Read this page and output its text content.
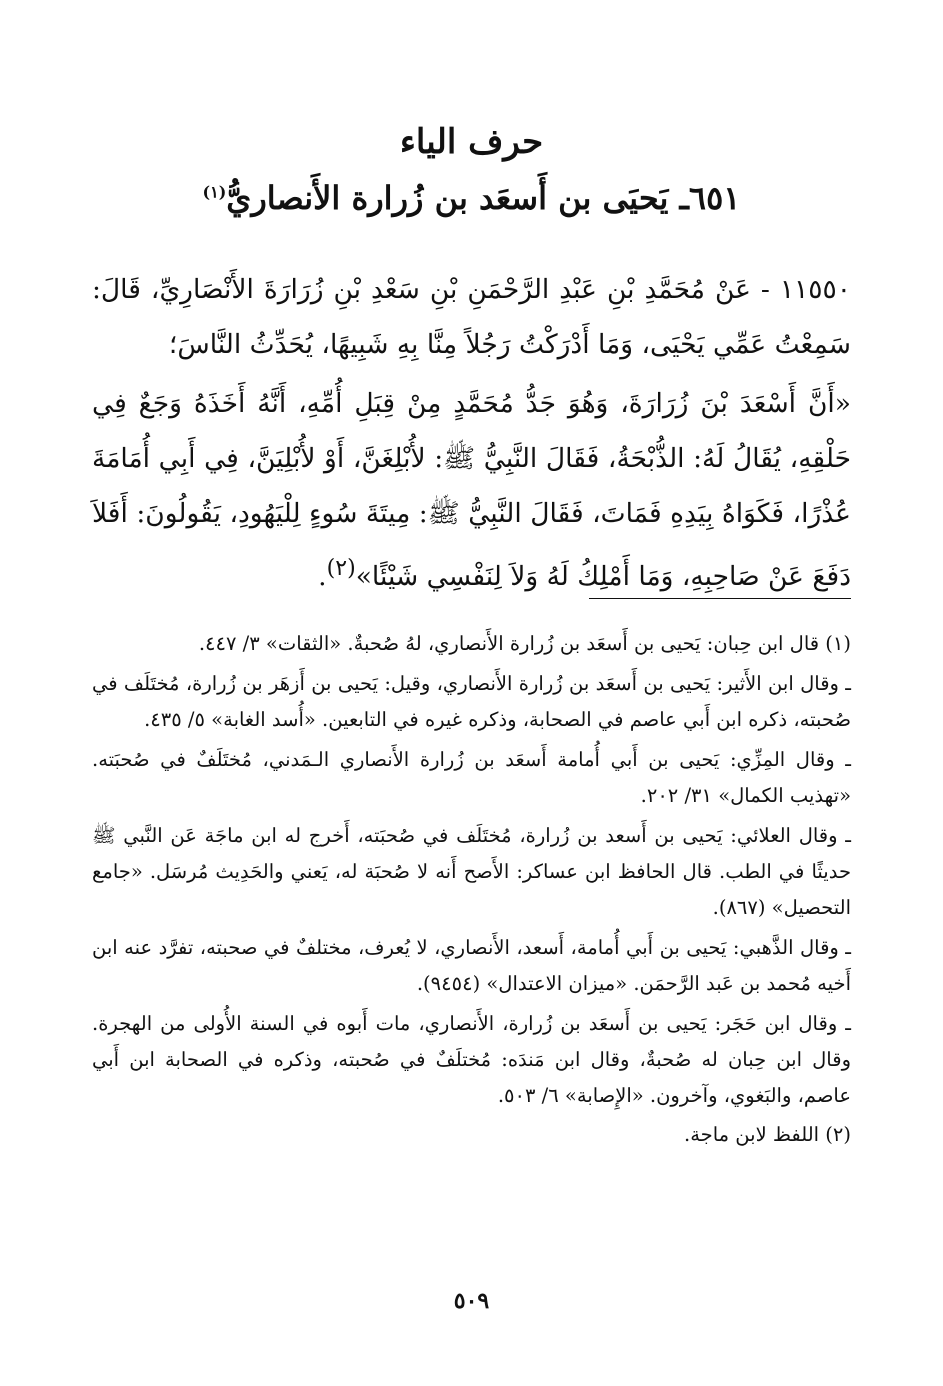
حرف الياء
٦٥١ـ يَحيَى بن أَسعَد بن زُرارة الأَنصاريُّ$^{(١)}$

١١٥٥٠ - عَنْ مُحَمَّدِ بْنِ عَبْدِ الرَّحْمَنِ بْنِ سَعْدِ بْنِ زُرَارَةَ الأَنْصَارِيِّ، قَالَ: سَمِعْتُ عَمِّي يَحْيَى، وَمَا أَدْرَكْتُ رَجُلاً مِنَّا بِهِ شَبِيهًا، يُحَدِّثُ النَّاسَ؛

«أَنَّ أَسْعَدَ بْنَ زُرَارَةَ، وَهُوَ جَدُّ مُحَمَّدٍ مِنْ قِبَلِ أُمِّهِ، أَنَّهُ أَخَذَهُ وَجَعٌ فِي حَلْقِهِ، يُقَالُ لَهُ: الذُّبْحَةُ، فَقَالَ النَّبِيُّ ﷺ: لأُبْلِغَنَّ، أَوْ لأُبْلِيَنَّ، فِي أَبِي أُمَامَةَ عُذْرًا، فَكَوَاهُ بِيَدِهِ فَمَاتَ، فَقَالَ النَّبِيُّ ﷺ: مِيتَةَ سُوءٍ لِلْيَهُودِ، يَقُولُونَ: أَفَلاَ دَفَعَ عَنْ صَاحِبِهِ، وَمَا أَمْلِكُ لَهُ وَلاَ لِنَفْسِي شَيْئًا»$^{(٢)}$.

(١) قال ابن حِبان: يَحيى بن أَسعَد بن زُرارة الأَنصاري، لهُ صُحبةٌ. «الثقات» ٣/ ٤٤٧.

ـ وقال ابن الأَثير: يَحيى بن أَسعَد بن زُرارة الأَنصاري، وقيل: يَحيى بن أَزهَر بن زُرارة، مُختَلَف في صُحبته، ذكره ابن أَبي عاصم في الصحابة، وذكره غيره في التابعين. «أُسد الغابة» ٥/ ٤٣٥.

ـ وقال المِزِّي: يَحيى بن أَبي أُمامة أَسعَد بن زُرارة الأَنصاري الـمَدني، مُختَلَفٌ في صُحبَته. «تهذيب الكمال» ٣١/ ٢٠٢.

ـ وقال العلائي: يَحيى بن أَسعد بن زُرارة، مُختَلَف في صُحبَته، أَخرج له ابن ماجَة عَن النَّبي ﷺ حديثًا في الطب. قال الحافظ ابن عساكر: الأَصح أَنه لا صُحبَة له، يَعني والحَدِيث مُرسَل. «جامع التحصيل» (٨٦٧).

ـ وقال الذَّهبي: يَحيى بن أَبي أُمامة، أَسعد، الأَنصاري، لا يُعرف، مختلفٌ في صحبته، تفرَّد عنه ابن أَخيه مُحمد بن عَبد الرَّحمَن. «ميزان الاعتدال» (٩٤٥٤).

ـ وقال ابن حَجَر: يَحيى بن أَسعَد بن زُرارة، الأَنصاري، مات أَبوه في السنة الأُولى من الهجرة. وقال ابن حِبان له صُحبةٌ، وقال ابن مَندَه: مُختلَفٌ في صُحبته، وذكره في الصحابة ابن أَبي عاصم، والبَغوي، وآخرون. «الإِصابة» ٦/ ٥٠٣.

(٢) اللفظ لابن ماجة.

٥٠٩
